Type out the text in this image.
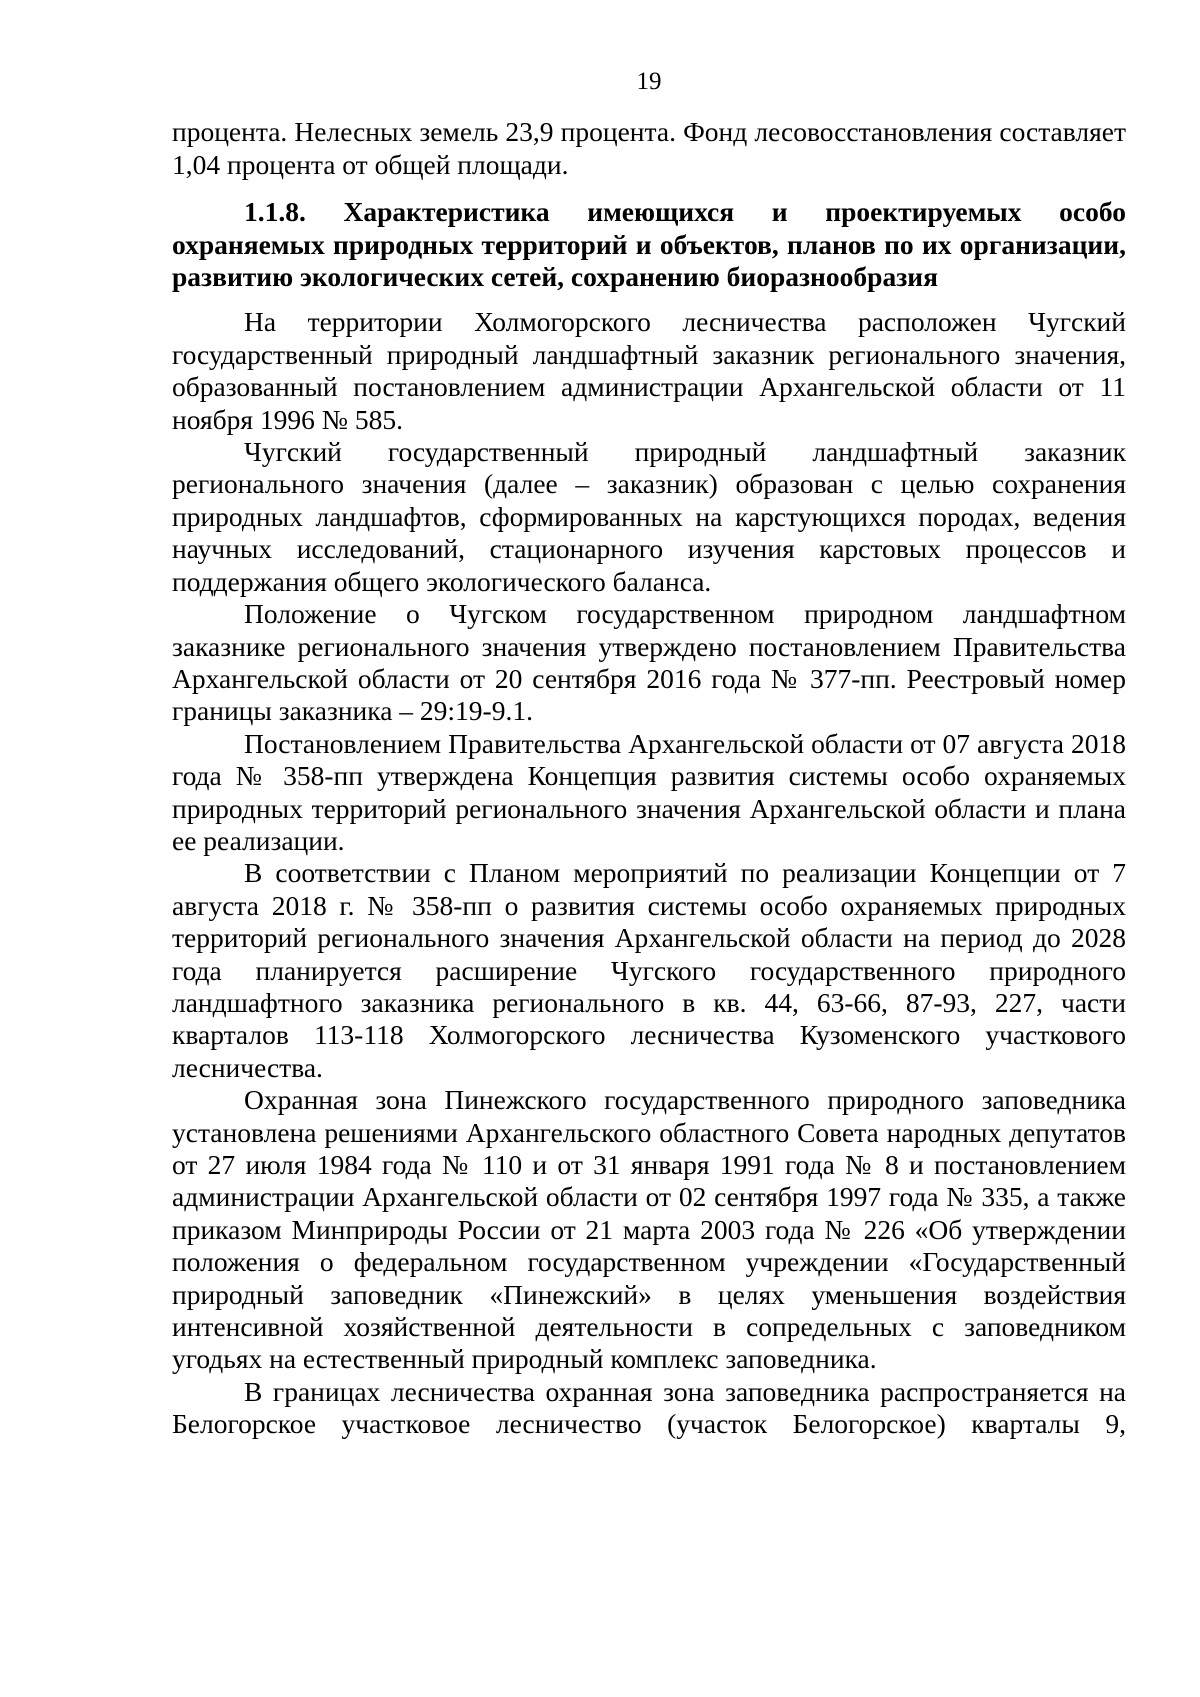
19

процента. Нелесных земель 23,9 процента. Фонд лесовосстановления составляет 1,04 процента от общей площади.

1.1.8. Характеристика имеющихся и проектируемых особо охраняемых природных территорий и объектов, планов по их организации, развитию экологических сетей, сохранению биоразнообразия

На территории Холмогорского лесничества расположен Чугский государственный природный ландшафтный заказник регионального значения, образованный постановлением администрации Архангельской области от 11 ноября 1996 № 585.

Чугский государственный природный ландшафтный заказник регионального значения (далее – заказник) образован с целью сохранения природных ландшафтов, сформированных на карстующихся породах, ведения научных исследований, стационарного изучения карстовых процессов и поддержания общего экологического баланса.

Положение о Чугском государственном природном ландшафтном заказнике регионального значения утверждено постановлением Правительства Архангельской области от 20 сентября 2016 года № 377-пп. Реестровый номер границы заказника – 29:19-9.1.

Постановлением Правительства Архангельской области от 07 августа 2018 года № 358-пп утверждена Концепция развития системы особо охраняемых природных территорий регионального значения Архангельской области и плана ее реализации.

В соответствии с Планом мероприятий по реализации Концепции от 7 августа 2018 г. № 358-пп о развития системы особо охраняемых природных территорий регионального значения Архангельской области на период до 2028 года планируется расширение Чугского государственного природного ландшафтного заказника регионального в кв. 44, 63-66, 87-93, 227, части кварталов 113-118 Холмогорского лесничества Кузоменского участкового лесничества.

Охранная зона Пинежского государственного природного заповедника установлена решениями Архангельского областного Совета народных депутатов от 27 июля 1984 года № 110 и от 31 января 1991 года № 8 и постановлением администрации Архангельской области от 02 сентября 1997 года № 335, а также приказом Минприроды России от 21 марта 2003 года № 226 «Об утверждении положения о федеральном государственном учреждении «Государственный природный заповедник «Пинежский» в целях уменьшения воздействия интенсивной хозяйственной деятельности в сопредельных с заповедником угодьях на естественный природный комплекс заповедника.

В границах лесничества охранная зона заповедника распространяется на Белогорское участковое лесничество (участок Белогорское) кварталы 9,
